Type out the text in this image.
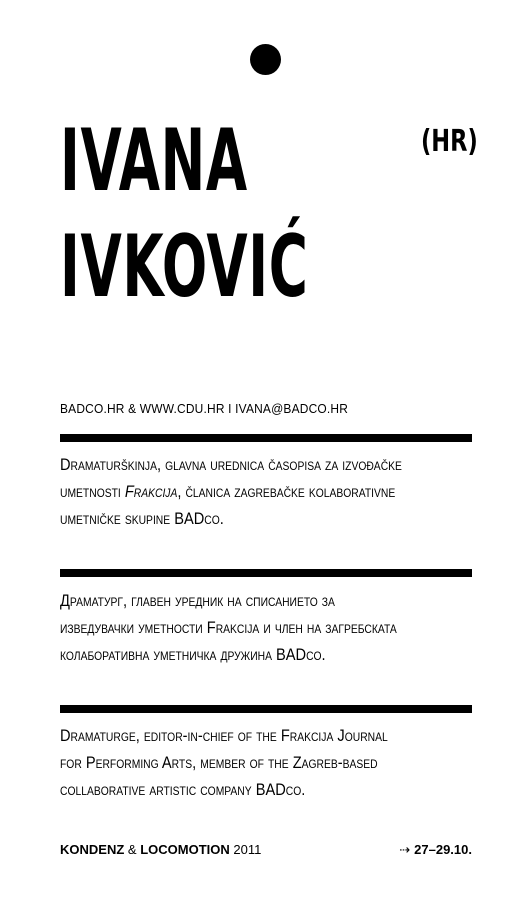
IVANA
IVKOVIĆ
(HR)
BADCO.HR & WWW.CDU.HR I IVANA@BADCO.HR
Dramaturškinja, glavna urednica časopisa za izvođačke
umetnosti Frakcija, članica zagrebačke kolaborativne
umetničke skupine BADco.
Драматург, главен уредник на списанието за
изведувачки уметности Frakcija и член на загребската
колаборативна уметничка дружина BADco.
Dramaturge, editor-in-chief of the Frakcija Journal
for Performing Arts, member of the Zagreb-based
collaborative artistic company BADco.
KONDENZ & LOCOMOTION 2011	⇢ 27–29.10.
